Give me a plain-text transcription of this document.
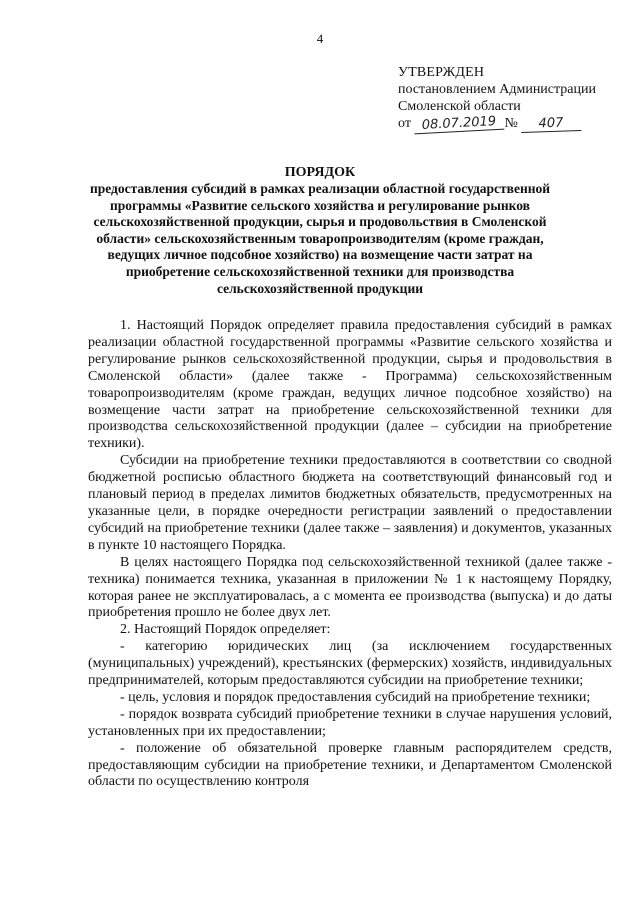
4
УТВЕРЖДЕН
постановлением Администрации
Смоленской области
от
08.07.2019 №
	407
ПОРЯДОК
предоставления субсидий в рамках реализации областной государственной
программы «Развитие сельского хозяйства и регулирование рынков
сельскохозяйственной продукции, сырья и продовольствия в Смоленской
области» сельскохозяйственным товаропроизводителям (кроме граждан,
ведущих личное подсобное хозяйство) на возмещение части затрат на
приобретение сельскохозяйственной техники для производства
сельскохозяйственной продукции

1. Настоящий Порядок определяет правила предоставления субсидий в рамках реализации областной государственной программы «Развитие сельского хозяйства и регулирование рынков сельскохозяйственной продукции, сырья и продовольствия в Смоленской области» (далее также - Программа) сельскохозяйственным товаропроизводителям (кроме граждан, ведущих личное подсобное хозяйство) на возмещение части затрат на приобретение сельскохозяйственной техники для производства сельскохозяйственной продукции (далее – субсидии на приобретение техники).

Субсидии на приобретение техники предоставляются в соответствии со сводной бюджетной росписью областного бюджета на соответствующий финансовый год и плановый период в пределах лимитов бюджетных обязательств, предусмотренных на указанные цели, в порядке очередности регистрации заявлений о предоставлении субсидий на приобретение техники (далее также – заявления) и документов, указанных в пункте 10 настоящего Порядка.

В целях настоящего Порядка под сельскохозяйственной техникой (далее также - техника) понимается техника, указанная в приложении № 1 к настоящему Порядку, которая ранее не эксплуатировалась, а с момента ее производства (выпуска) и до даты приобретения прошло не более двух лет.

2. Настоящий Порядок определяет:

- категорию юридических лиц (за исключением государственных (муниципальных) учреждений), крестьянских (фермерских) хозяйств, индивидуальных предпринимателей, которым предоставляются субсидии на приобретение техники;

- цель, условия и порядок предоставления субсидий на приобретение техники;

- порядок возврата субсидий приобретение техники в случае нарушения условий, установленных при их предоставлении;

- положение об обязательной проверке главным распорядителем средств, предоставляющим субсидии на приобретение техники, и Департаментом Смоленской области по осуществлению контроля
